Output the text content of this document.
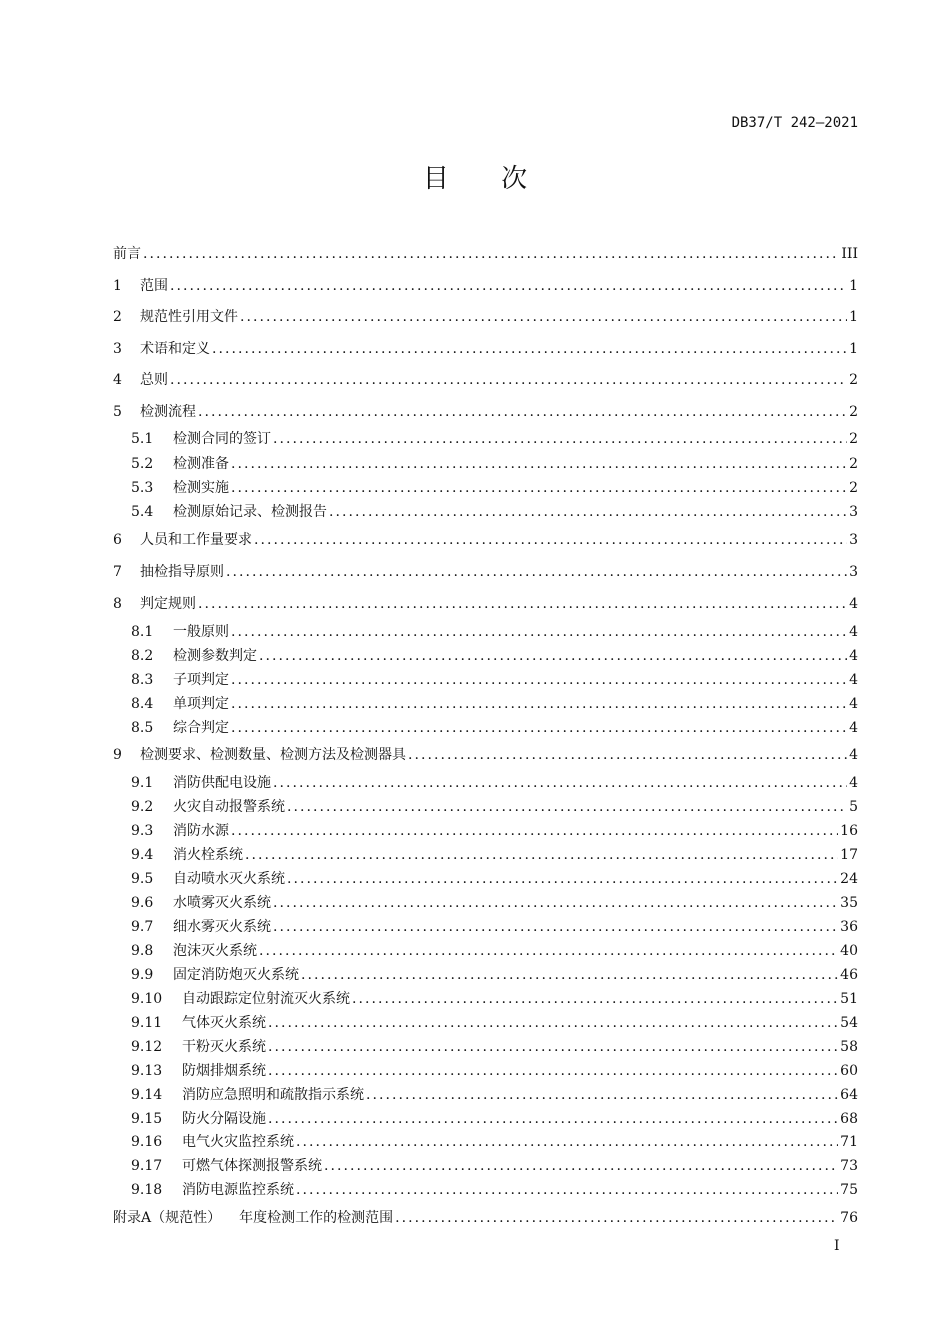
DB37/T 242—2021
目 次
前言 . . .	III
1	范围 . . .	1
2	规范性引用文件 . . .	1
3	术语和定义 . . .	1
4	总则 . . .	2
5	检测流程 . . .	2
5.1	检测合同的签订 . . .	2
5.2	检测准备 . . .	2
5.3	检测实施 . . .	2
5.4	检测原始记录、检测报告 . . .	3
6	人员和工作量要求 . . .	3
7	抽检指导原则 . . .	3
8	判定规则 . . .	4
8.1	一般原则 . . .	4
8.2	检测参数判定 . . .	4
8.3	子项判定 . . .	4
8.4	单项判定 . . .	4
8.5	综合判定 . . .	4
9	检测要求、检测数量、检测方法及检测器具 . . .	4
9.1	消防供配电设施 . . .	4
9.2	火灾自动报警系统 . . .	5
9.3	消防水源 . . .	16
9.4	消火栓系统 . . .	17
9.5	自动喷水灭火系统 . . .	24
9.6	水喷雾灭火系统 . . .	35
9.7	细水雾灭火系统 . . .	36
9.8	泡沫灭火系统 . . .	40
9.9	固定消防炮灭火系统 . . .	46
9.10	自动跟踪定位射流灭火系统 . . .	51
9.11	气体灭火系统 . . .	54
9.12	干粉灭火系统 . . .	58
9.13	防烟排烟系统 . . .	60
9.14	消防应急照明和疏散指示系统 . . .	64
9.15	防火分隔设施 . . .	68
9.16	电气火灾监控系统 . . .	71
9.17	可燃气体探测报警系统 . . .	73
9.18	消防电源监控系统 . . .	75
附录A（规范性） 年度检测工作的检测范围 . . .	76
I
